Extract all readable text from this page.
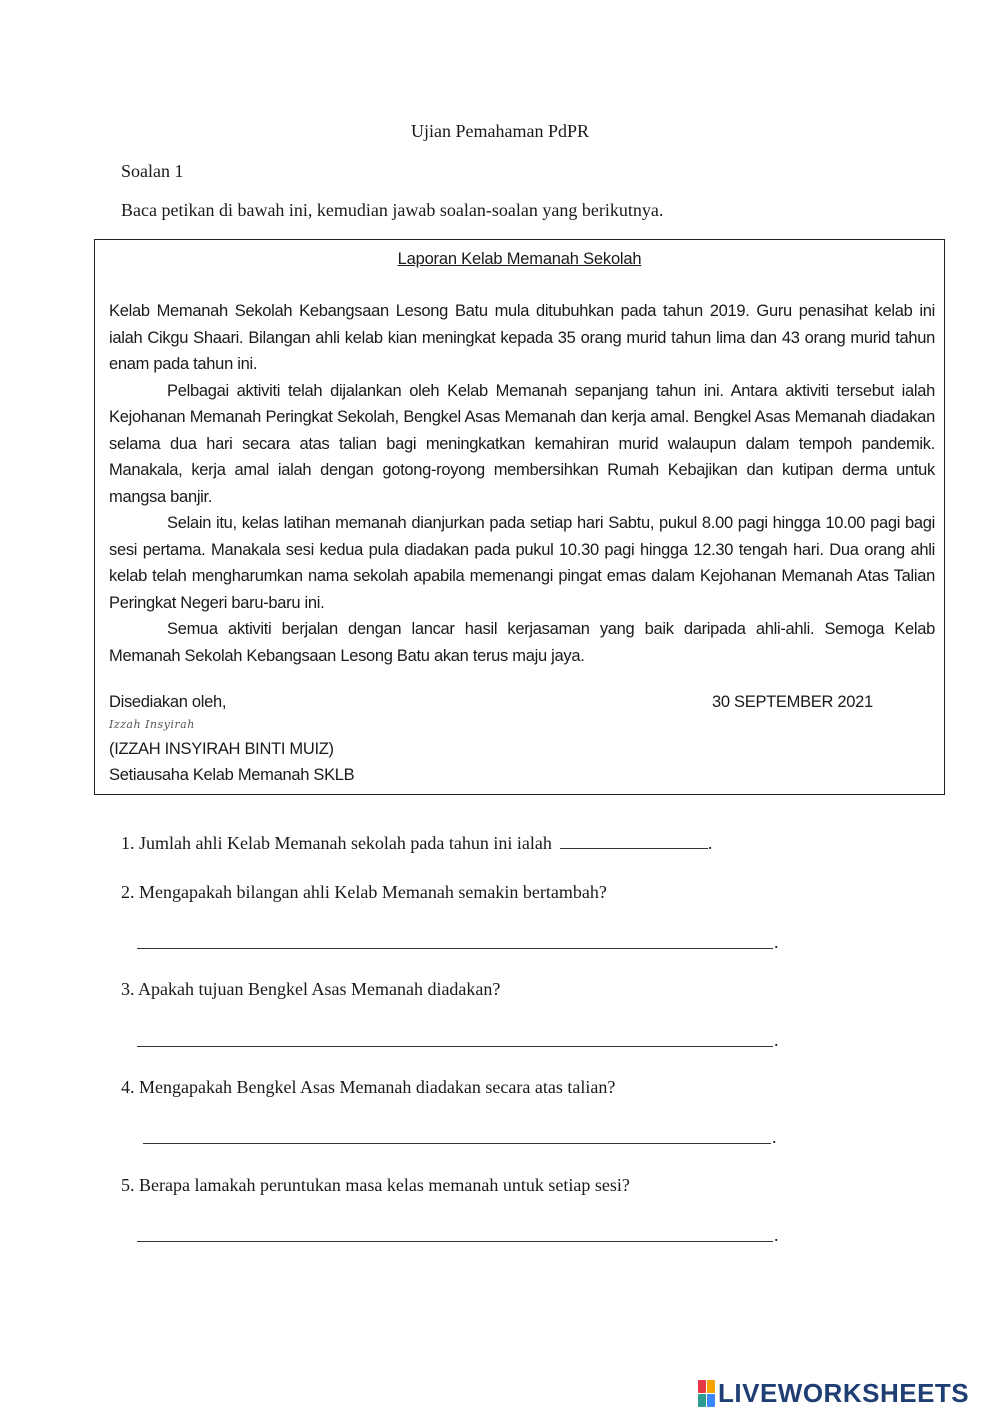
Ujian Pemahaman PdPR
Soalan 1
Baca petikan di bawah ini, kemudian jawab soalan-soalan yang berikutnya.
Laporan Kelab Memanah Sekolah

Kelab Memanah Sekolah Kebangsaan Lesong Batu mula ditubuhkan pada tahun 2019. Guru penasihat kelab ini ialah Cikgu Shaari. Bilangan ahli kelab kian meningkat kepada 35 orang murid tahun lima dan 43 orang murid tahun enam pada tahun ini.

Pelbagai aktiviti telah dijalankan oleh Kelab Memanah sepanjang tahun ini. Antara aktiviti tersebut ialah Kejohanan Memanah Peringkat Sekolah, Bengkel Asas Memanah dan kerja amal. Bengkel Asas Memanah diadakan selama dua hari secara atas talian bagi meningkatkan kemahiran murid walaupun dalam tempoh pandemik. Manakala, kerja amal ialah dengan gotong-royong membersihkan Rumah Kebajikan dan kutipan derma untuk mangsa banjir.

Selain itu, kelas latihan memanah dianjurkan pada setiap hari Sabtu, pukul 8.00 pagi hingga 10.00 pagi bagi sesi pertama. Manakala sesi kedua pula diadakan pada pukul 10.30 pagi hingga 12.30 tengah hari. Dua orang ahli kelab telah mengharumkan nama sekolah apabila memenangi pingat emas dalam Kejohanan Memanah Atas Talian Peringkat Negeri baru-baru ini.

Semua aktiviti berjalan dengan lancar hasil kerjasaman yang baik daripada ahli-ahli. Semoga Kelab Memanah Sekolah Kebangsaan Lesong Batu akan terus maju jaya.

Disediakan oleh,	30 SEPTEMBER 2021
Izzah Insyirah
(IZZAH INSYIRAH BINTI MUIZ)
Setiausaha Kelab Memanah SKLB
1. Jumlah ahli Kelab Memanah sekolah pada tahun ini ialah	.
2. Mengapakah bilangan ahli Kelab Memanah semakin bertambah?
.
3. Apakah tujuan Bengkel Asas Memanah diadakan?
.
4. Mengapakah Bengkel Asas Memanah diadakan secara atas talian?
.
5. Berapa lamakah peruntukan masa kelas memanah untuk setiap sesi?
.
LIVEWORKSHEETS
